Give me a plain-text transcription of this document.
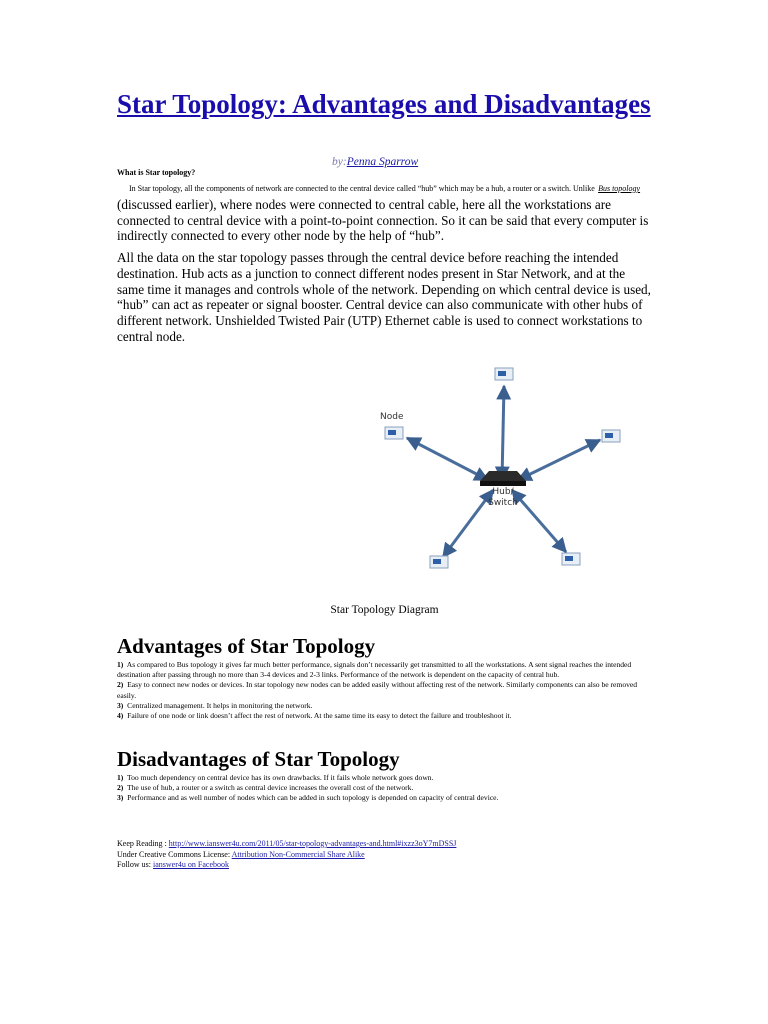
Star Topology: Advantages and Disadvantages
by:Penna Sparrow
What is Star topology?
In Star topology, all the components of network are connected to the central device called “hub” which may be a hub, a router or a switch. Unlike Bus topology (discussed earlier), where nodes were connected to central cable, here all the workstations are connected to central device with a point-to-point connection. So it can be said that every computer is indirectly connected to every other node by the help of “hub”.

All the data on the star topology passes through the central device before reaching the intended destination. Hub acts as a junction to connect different nodes present in Star Network, and at the same time it manages and controls whole of the network. Depending on which central device is used, “hub” can act as repeater or signal booster. Central device can also communicate with other hubs of different network. Unshielded Twisted Pair (UTP) Ethernet cable is used to connect workstations to central node.

Hub/
Switch
Node
Star Topology Diagram
Advantages of Star Topology
1) As compared to Bus topology it gives far much better performance, signals don’t necessarily get transmitted to all the workstations. A sent signal reaches the intended destination after passing through no more than 3-4 devices and 2-3 links. Performance of the network is dependent on the capacity of central hub.
2) Easy to connect new nodes or devices. In star topology new nodes can be added easily without affecting rest of the network. Similarly components can also be removed easily.
3) Centralized management. It helps in monitoring the network.
4) Failure of one node or link doesn’t affect the rest of network. At the same time its easy to detect the failure and troubleshoot it.
Disadvantages of Star Topology
1) Too much dependency on central device has its own drawbacks. If it fails whole network goes down.
2) The use of hub, a router or a switch as central device increases the overall cost of the network.
3)  Performance and as well number of nodes which can be added in such topology is depended on capacity of central device.
Keep Reading : http://www.ianswer4u.com/2011/05/star-topology-advantages-and.html#ixzz3oY7mDSSJ
Under Creative Commons License: Attribution Non-Commercial Share Alike
Follow us: ianswer4u on Facebook
